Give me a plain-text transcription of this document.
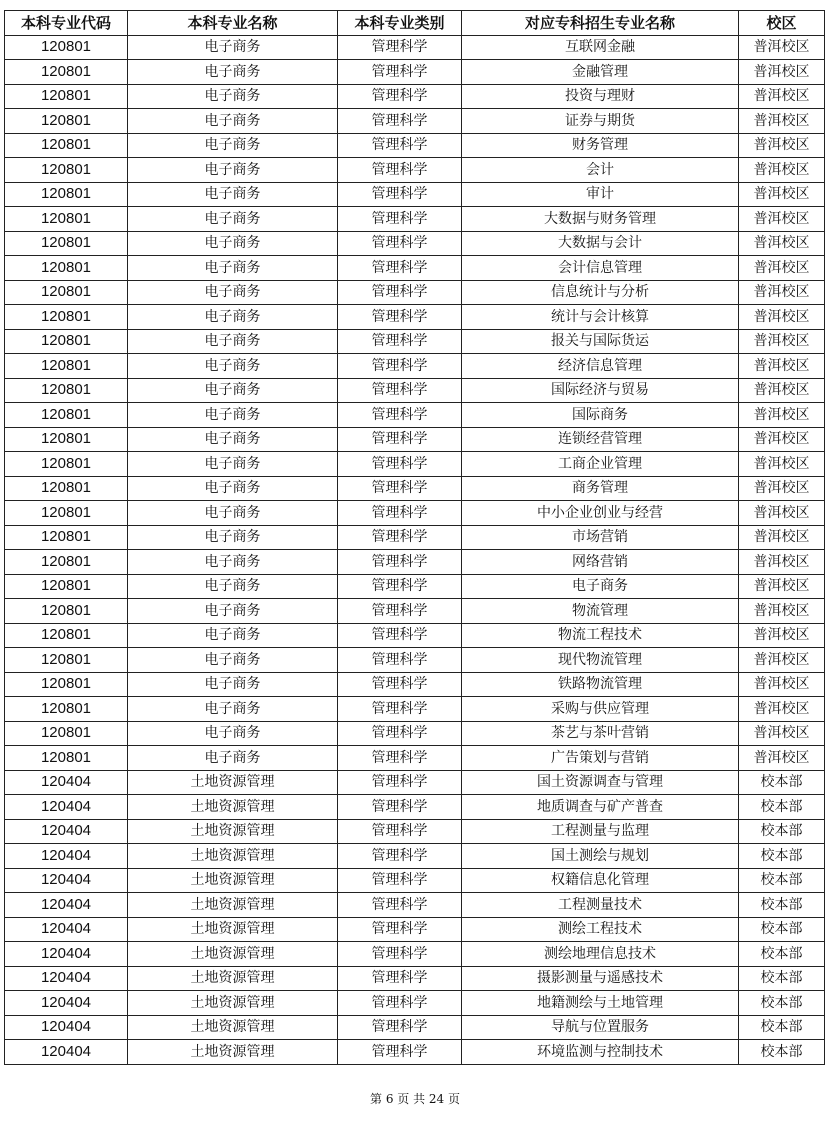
本科专业代码	本科专业名称	本科专业类别	对应专科招生专业名称	校区
120801	电子商务	管理科学	互联网金融	普洱校区
120801	电子商务	管理科学	金融管理	普洱校区
120801	电子商务	管理科学	投资与理财	普洱校区
120801	电子商务	管理科学	证券与期货	普洱校区
120801	电子商务	管理科学	财务管理	普洱校区
120801	电子商务	管理科学	会计	普洱校区
120801	电子商务	管理科学	审计	普洱校区
120801	电子商务	管理科学	大数据与财务管理	普洱校区
120801	电子商务	管理科学	大数据与会计	普洱校区
120801	电子商务	管理科学	会计信息管理	普洱校区
120801	电子商务	管理科学	信息统计与分析	普洱校区
120801	电子商务	管理科学	统计与会计核算	普洱校区
120801	电子商务	管理科学	报关与国际货运	普洱校区
120801	电子商务	管理科学	经济信息管理	普洱校区
120801	电子商务	管理科学	国际经济与贸易	普洱校区
120801	电子商务	管理科学	国际商务	普洱校区
120801	电子商务	管理科学	连锁经营管理	普洱校区
120801	电子商务	管理科学	工商企业管理	普洱校区
120801	电子商务	管理科学	商务管理	普洱校区
120801	电子商务	管理科学	中小企业创业与经营	普洱校区
120801	电子商务	管理科学	市场营销	普洱校区
120801	电子商务	管理科学	网络营销	普洱校区
120801	电子商务	管理科学	电子商务	普洱校区
120801	电子商务	管理科学	物流管理	普洱校区
120801	电子商务	管理科学	物流工程技术	普洱校区
120801	电子商务	管理科学	现代物流管理	普洱校区
120801	电子商务	管理科学	铁路物流管理	普洱校区
120801	电子商务	管理科学	采购与供应管理	普洱校区
120801	电子商务	管理科学	茶艺与茶叶营销	普洱校区
120801	电子商务	管理科学	广告策划与营销	普洱校区
120404	土地资源管理	管理科学	国土资源调查与管理	校本部
120404	土地资源管理	管理科学	地质调查与矿产普查	校本部
120404	土地资源管理	管理科学	工程测量与监理	校本部
120404	土地资源管理	管理科学	国土测绘与规划	校本部
120404	土地资源管理	管理科学	权籍信息化管理	校本部
120404	土地资源管理	管理科学	工程测量技术	校本部
120404	土地资源管理	管理科学	测绘工程技术	校本部
120404	土地资源管理	管理科学	测绘地理信息技术	校本部
120404	土地资源管理	管理科学	摄影测量与遥感技术	校本部
120404	土地资源管理	管理科学	地籍测绘与土地管理	校本部
120404	土地资源管理	管理科学	导航与位置服务	校本部
120404	土地资源管理	管理科学	环境监测与控制技术	校本部
第 6 页 共 24 页
